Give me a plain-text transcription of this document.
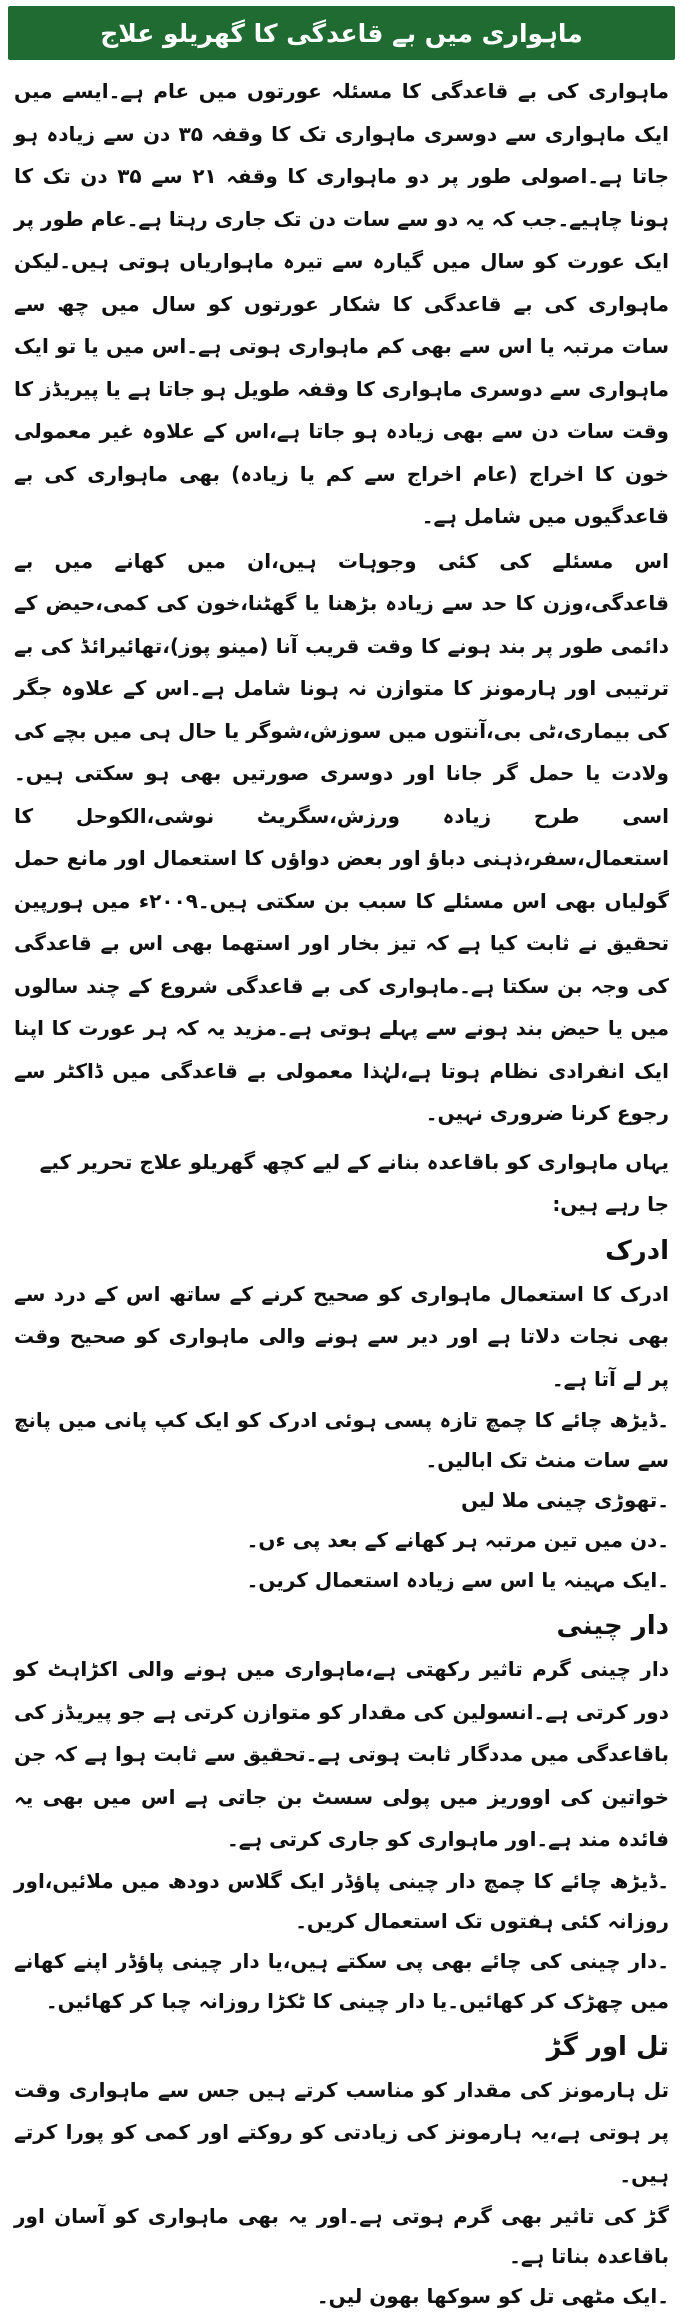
ماہواری میں بے قاعدگی کا گھریلو علاج

ماہواری کی بے قاعدگی کا مسئلہ عورتوں میں عام ہے۔ایسے میں ایک ماہواری سے دوسری ماہواری تک کا وقفہ ۳۵ دن سے زیادہ ہو جاتا ہے۔اصولی طور پر دو ماہواری کا وقفہ ۲۱ سے ۳۵ دن تک کا ہونا چاہیے۔جب کہ یہ دو سے سات دن تک جاری رہتا ہے۔عام طور پر ایک عورت کو سال میں گیارہ سے تیرہ ماہواریاں ہوتی ہیں۔لیکن ماہواری کی بے قاعدگی کا شکار عورتوں کو سال میں چھ سے سات مرتبہ یا اس سے بھی کم ماہواری ہوتی ہے۔اس میں یا تو ایک ماہواری سے دوسری ماہواری کا وقفہ طویل ہو جاتا ہے یا پیریڈز کا وقت سات دن سے بھی زیادہ ہو جاتا ہے،اس کے علاوہ غیر معمولی خون کا اخراج (عام اخراج سے کم یا زیادہ) بھی ماہواری کی بے قاعدگیوں میں شامل ہے۔

اس مسئلے کی کئی وجوہات ہیں،ان میں کھانے میں بے قاعدگی،وزن کا حد سے زیادہ بڑھنا یا گھٹنا،خون کی کمی،حیض کے دائمی طور پر بند ہونے کا وقت قریب آنا (مینو پوز)،تھائیرائڈ کی بے ترتیبی اور ہارمونز کا متوازن نہ ہونا شامل ہے۔اس کے علاوہ جگر کی بیماری،ٹی بی،آنتوں میں سوزش،شوگر یا حال ہی میں بچے کی ولادت یا حمل گر جانا اور دوسری صورتیں بھی ہو سکتی ہیں۔اسی طرح زیادہ ورزش،سگریٹ نوشی،الکوحل کا استعمال،سفر،ذہنی دباؤ اور بعض دواؤں کا استعمال اور مانع حمل گولیاں بھی اس مسئلے کا سبب بن سکتی ہیں۔۲۰۰۹ء میں ہورپین تحقیق نے ثابت کیا ہے کہ تیز بخار اور استھما بھی اس بے قاعدگی کی وجہ بن سکتا ہے۔ماہواری کی بے قاعدگی شروع کے چند سالوں میں یا حیض بند ہونے سے پہلے ہوتی ہے۔مزید یہ کہ ہر عورت کا اپنا ایک انفرادی نظام ہوتا ہے،لہٰذا معمولی بے قاعدگی میں ڈاکٹر سے رجوع کرنا ضروری نہیں۔

یہاں ماہواری کو باقاعدہ بنانے کے لیے کچھ گھریلو علاج تحریر کیے جا رہے ہیں:

ادرک

ادرک کا استعمال ماہواری کو صحیح کرنے کے ساتھ اس کے درد سے بھی نجات دلاتا ہے اور دیر سے ہونے والی ماہواری کو صحیح وقت پر لے آتا ہے۔

۔ڈیڑھ چائے کا چمچ تازہ پسی ہوئی ادرک کو ایک کپ پانی میں پانچ سے سات منٹ تک ابالیں۔

۔تھوڑی چینی ملا لیں

۔دن میں تین مرتبہ ہر کھانے کے بعد پی ءں۔

۔ایک مہینہ یا اس سے زیادہ استعمال کریں۔

دار چینی

دار چینی گرم تاثیر رکھتی ہے،ماہواری میں ہونے والی اکڑاہٹ کو دور کرتی ہے۔انسولین کی مقدار کو متوازن کرتی ہے جو پیریڈز کی باقاعدگی میں مددگار ثابت ہوتی ہے۔تحقیق سے ثابت ہوا ہے کہ جن خواتین کی اووریز میں پولی سسٹ بن جاتی ہے اس میں بھی یہ فائدہ مند ہے۔اور ماہواری کو جاری کرتی ہے۔

۔ڈیڑھ چائے کا چمچ دار چینی پاؤڈر ایک گلاس دودھ میں ملائیں،اور روزانہ کئی ہفتوں تک استعمال کریں۔

۔دار چینی کی چائے بھی پی سکتے ہیں،یا دار چینی پاؤڈر اپنے کھانے میں چھڑک کر کھائیں۔یا دار چینی کا ٹکڑا روزانہ چبا کر کھائیں۔

تل اور گڑ

تل ہارمونز کی مقدار کو مناسب کرتے ہیں جس سے ماہواری وقت پر ہوتی ہے،یہ ہارمونز کی زیادتی کو روکتے اور کمی کو پورا کرتے ہیں۔

گڑ کی تاثیر بھی گرم ہوتی ہے۔اور یہ بھی ماہواری کو آسان اور باقاعدہ بناتا ہے۔

۔ایک مٹھی تل کو سوکھا بھون لیں۔
